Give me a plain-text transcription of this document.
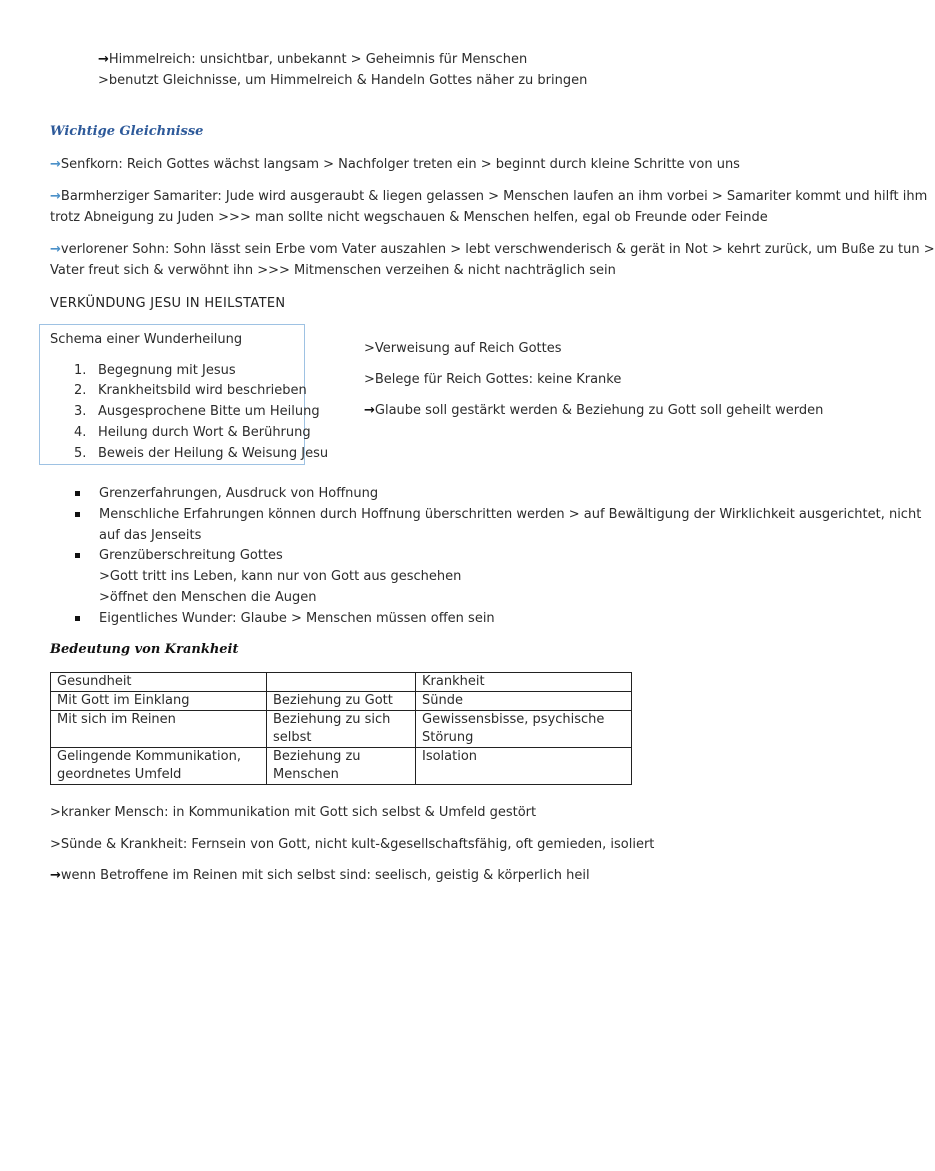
→Himmelreich: unsichtbar, unbekannt > Geheimnis für Menschen
>benutzt Gleichnisse, um Himmelreich & Handeln Gottes näher zu bringen
Wichtige Gleichnisse
→Senfkorn: Reich Gottes wächst langsam > Nachfolger treten ein > beginnt durch kleine Schritte von uns
→Barmherziger Samariter: Jude wird ausgeraubt & liegen gelassen > Menschen laufen an ihm vorbei > Samariter kommt und hilft ihm
trotz Abneigung zu Juden >>> man sollte nicht wegschauen & Menschen helfen, egal ob Freunde oder Feinde
→verlorener Sohn: Sohn lässt sein Erbe vom Vater auszahlen > lebt verschwenderisch & gerät in Not > kehrt zurück, um Buße zu tun >
Vater freut sich & verwöhnt ihn >>> Mitmenschen verzeihen & nicht nachträglich sein
VERKÜNDUNG JESU IN HEILSTATEN
Schema einer Wunderheilung
1. Begegnung mit Jesus
2. Krankheitsbild wird beschrieben
3. Ausgesprochene Bitte um Heilung
4. Heilung durch Wort & Berührung
5. Beweis der Heilung & Weisung Jesu
>Verweisung auf Reich Gottes
>Belege für Reich Gottes: keine Kranke
→Glaube soll gestärkt werden & Beziehung zu Gott soll geheilt werden
Grenzerfahrungen, Ausdruck von Hoffnung
Menschliche Erfahrungen können durch Hoffnung überschritten werden > auf Bewältigung der Wirklichkeit ausgerichtet, nicht
auf das Jenseits
Grenzüberschreitung Gottes
>Gott tritt ins Leben, kann nur von Gott aus geschehen
>öffnet den Menschen die Augen
Eigentliches Wunder: Glaube > Menschen müssen offen sein
Bedeutung von Krankheit
Gesundheit		Krankheit
Mit Gott im Einklang	Beziehung zu Gott	Sünde
Mit sich im Reinen	Beziehung zu sich selbst	Gewissensbisse, psychische Störung
Gelingende Kommunikation, geordnetes Umfeld	Beziehung zu Menschen	Isolation
>kranker Mensch: in Kommunikation mit Gott sich selbst & Umfeld gestört
>Sünde & Krankheit: Fernsein von Gott, nicht kult-&gesellschaftsfähig, oft gemieden, isoliert
→wenn Betroffene im Reinen mit sich selbst sind: seelisch, geistig & körperlich heil
